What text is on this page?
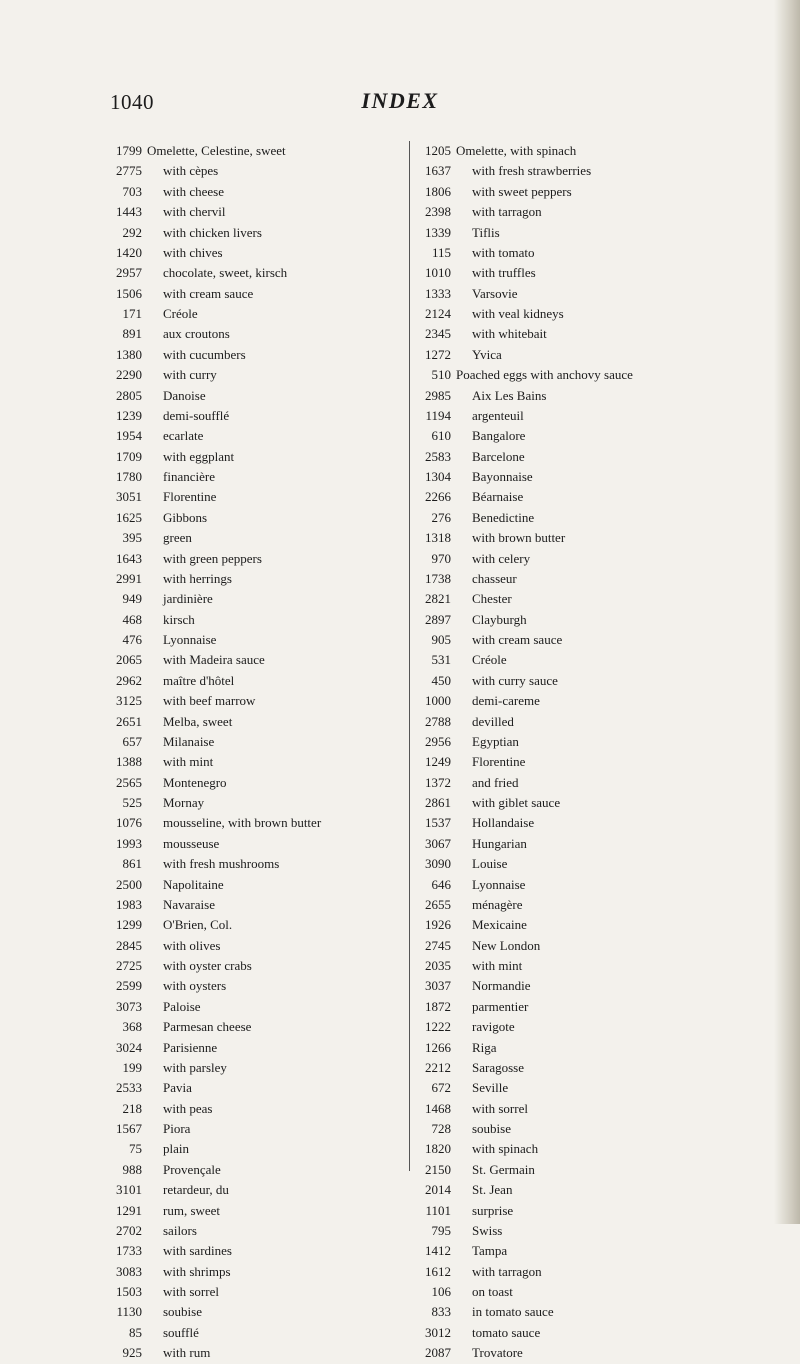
1040	INDEX
1799 Omelette, Celestine, sweet
2775 with cèpes
703 with cheese
1443 with chervil
292 with chicken livers
1420 with chives
2957 chocolate, sweet, kirsch
1506 with cream sauce
171 Créole
891 aux croutons
1380 with cucumbers
2290 with curry
2805 Danoise
1239 demi-soufflé
1954 ecarlate
1709 with eggplant
1780 financière
3051 Florentine
1625 Gibbons
395 green
1643 with green peppers
2991 with herrings
949 jardinière
468 kirsch
476 Lyonnaise
2065 with Madeira sauce
2962 maître d'hôtel
3125 with beef marrow
2651 Melba, sweet
657 Milanaise
1388 with mint
2565 Montenegro
525 Mornay
1076 mousseline, with brown butter
1993 mousseuse
861 with fresh mushrooms
2500 Napolitaine
1983 Navaraise
1299 O'Brien, Col.
2845 with olives
2725 with oyster crabs
2599 with oysters
3073 Paloise
368 Parmesan cheese
3024 Parisienne
199 with parsley
2533 Pavia
218 with peas
1567 Piora
75 plain
988 Provençale
3101 retardeur, du
1291 rum, sweet
2702 sailors
1733 with sardines
3083 with shrimps
1503 with sorrel
1130 soubise
85 soufflé
925 with rum
1205 Omelette, with spinach
1637 with fresh strawberries
1806 with sweet peppers
2398 with tarragon
1339 Tiflis
115 with tomato
1010 with truffles
1333 Varsovie
2124 with veal kidneys
2345 with whitebait
1272 Yvica
510 Poached eggs with anchovy sauce
2985 Aix Les Bains
1194 argenteuil
610 Bangalore
2583 Barcelone
1304 Bayonnaise
2266 Béarnaise
276 Benedictine
1318 with brown butter
970 with celery
1738 chasseur
2821 Chester
2897 Clayburgh
905 with cream sauce
531 Créole
450 with curry sauce
1000 demi-careme
2788 devilled
2956 Egyptian
1249 Florentine
1372 and fried
2861 with giblet sauce
1537 Hollandaise
3067 Hungarian
3090 Louise
646 Lyonnaise
2655 ménagère
1926 Mexicaine
2745 New London
2035 with mint
3037 Normandie
1872 parmentier
1222 ravigote
1266 Riga
2212 Saragosse
672 Seville
1468 with sorrel
728 soubise
1820 with spinach
2150 St. Germain
2014 St. Jean
1101 surprise
795 Swiss
1412 Tampa
1612 with tarragon
106 on toast
833 in tomato sauce
3012 tomato sauce
2087 Trovatore
